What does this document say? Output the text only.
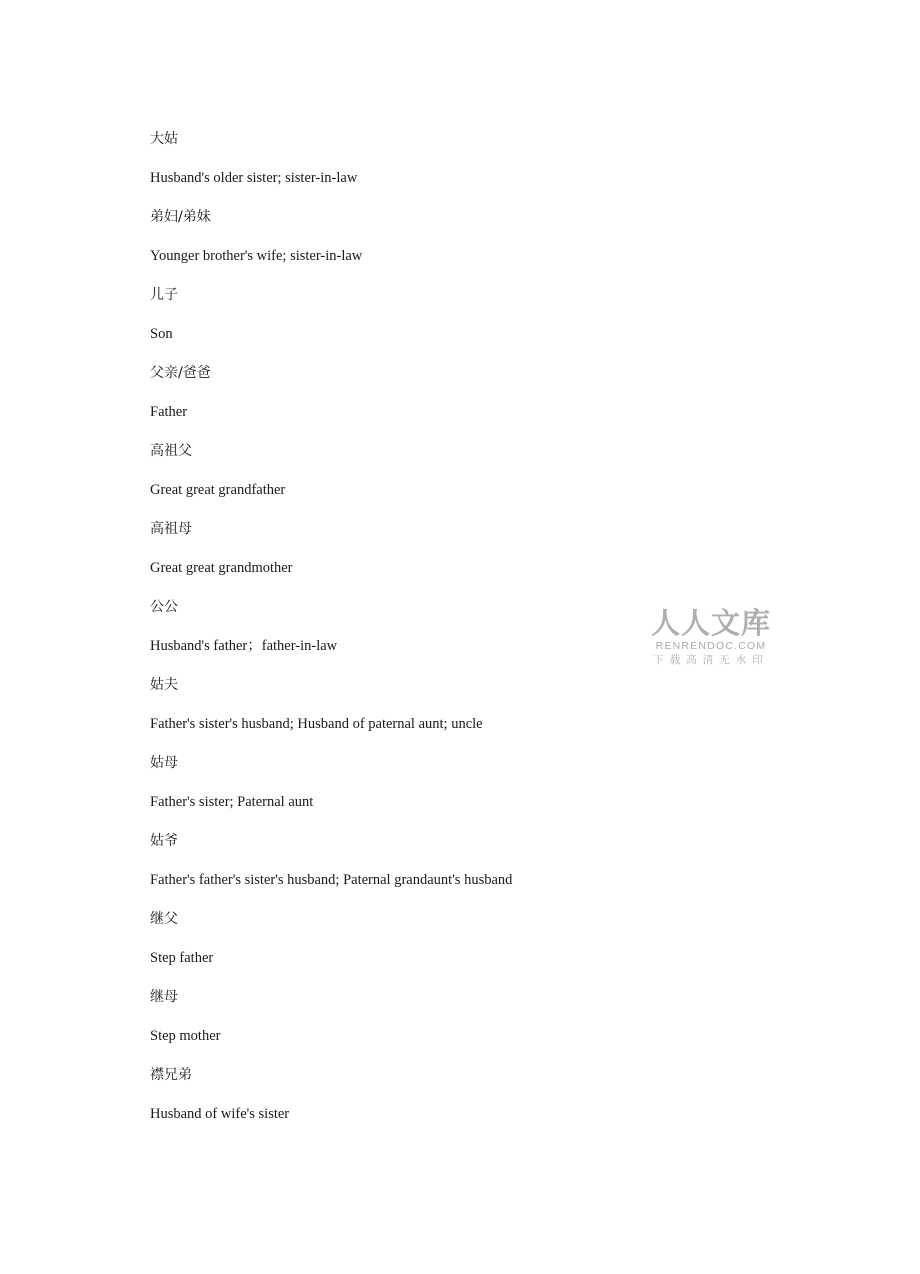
大姑
Husband's older sister; sister-in-law
弟妇/弟妹
Younger brother's wife; sister-in-law
儿子
Son
父亲/爸爸
Father
高祖父
Great great grandfather
高祖母
Great great grandmother
公公
Husband's father；father-in-law
姑夫
Father's sister's husband; Husband of paternal aunt; uncle
姑母
Father's sister; Paternal aunt
姑爷
Father's father's sister's husband; Paternal grandaunt's husband
继父
Step father
继母
Step mother
襟兄弟
Husband of wife's sister
人人文库
RENRENDOC.COM
下载高清无水印
